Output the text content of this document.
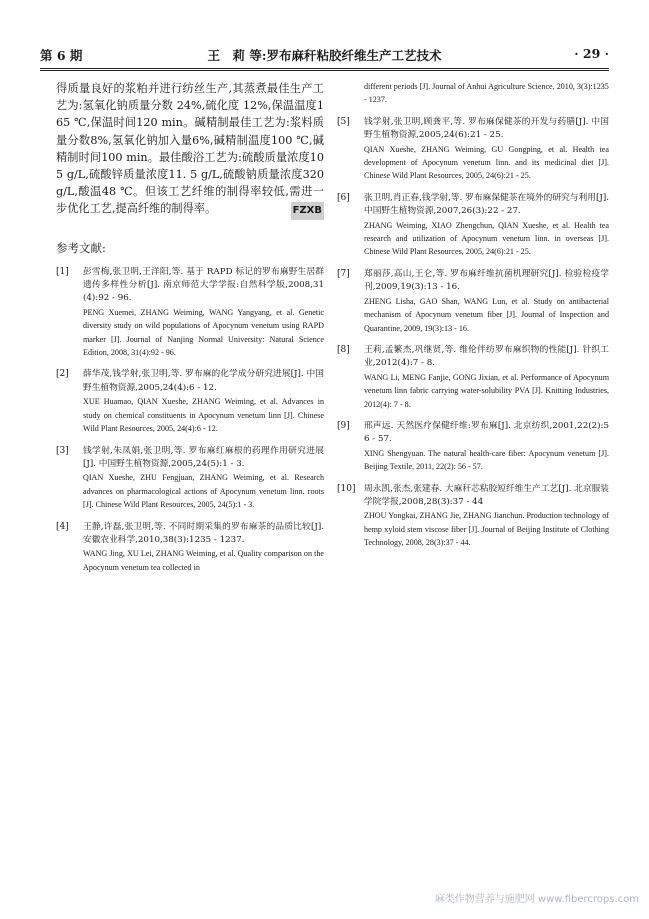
第 6 期	王　莉 等:罗布麻秆粘胶纤维生产工艺技术	· 29 ·
得质量良好的浆粕并进行纺丝生产,其蒸煮最佳生产工艺为:氢氧化钠质量分数 24%,硫化度 12%,保温温度165 ℃,保温时间120 min。碱精制最佳工艺为:浆料质量分数8%,氢氧化钠加入量6%,碱精制温度100 ℃,碱精制时间100 min。最佳酸浴工艺为:硫酸质量浓度105 g/L,硫酸锌质量浓度11. 5 g/L,硫酸钠质量浓度320 g/L,酸温48 ℃。但该工艺纤维的制得率较低,需进一步优化工艺,提高纤维的制得率。	FZXB
参考文献:
[1]	彭雪梅,张卫明,王洋阳,等. 基于 RAPD 标记的罗布麻野生居群遗传多样性分析[J]. 南京师范大学学报:自然科学版,2008,31(4):92 - 96.
PENG Xuemei, ZHANG Weiming, WANG Yangyang, et al. Genetic diversity study on wild populations of Apocynum venetum using RAPD marker [J]. Journal of Nanjing Normal University: Natural Science Edition, 2008, 31(4):92 - 96.
[2]	薛华茂,钱学射,张卫明,等. 罗布麻的化学成分研究进展[J]. 中国野生植物资源,2005,24(4):6 - 12.
XUE Huamao, QIAN Xueshe, ZHANG Weiming, et al. Advances in study on chemical constituents in Apocynum venetum linn [J]. Chinese Wild Plant Resources, 2005, 24(4):6 - 12.
[3]	钱学射,朱凤娟,张卫明,等. 罗布麻红麻根的药理作用研究进展[J]. 中国野生植物资源,2005,24(5):1 - 3.
QIAN Xueshe, ZHU Fengjuan, ZHANG Weiming, et al. Research advances on pharmacological actions of Apocynum venetum linn. roots [J]. Chinese Wild Plant Resources, 2005, 24(5):1 - 3.
[4]	王静,许磊,张卫明,等. 不同时期采集的罗布麻茶的品质比较[J]. 安徽农业科学,2010,38(3):1235 - 1237.
WANG Jing, XU Lei, ZHANG Weiming, et al. Quality comparison on the Apocynum venetum tea collected in
different periods [J]. Journal of Anhui Agriculture Science, 2010, 3(3):1235 - 1237.
[5]	钱学射,张卫明,顾龚平,等. 罗布麻保健茶的开发与药膳[J]. 中国野生植物资源,2005,24(6):21 - 25.
QIAN Xueshe, ZHANG Weiming, GU Gongping, et al. Health tea development of Apocynum venetum linn. and its medicinal diet [J]. Chinese Wild Plant Resources, 2005, 24(6):21 - 25.
[6]	张卫明,肖正春,钱学射,等. 罗布麻保健茶在境外的研究与利用[J]. 中国野生植物资源,2007,26(3):22 - 27.
ZHANG Weiming, XIAO Zhengchun, QIAN Xueshe, et al. Health tea research and utilization of Apocynum venetum linn. in overseas [J]. Chinese Wild Plant Resources, 2005, 24(6):21 - 25.
[7]	郑丽莎,高山,王仑,等. 罗布麻纤维抗菌机理研究[J]. 检验检疫学刊,2009,19(3):13 - 16.
ZHENG Lisha, GAO Shan, WANG Lun, et al. Study on antibacterial mechanism of Apocynum venetum fiber [J]. Journal of Inspection and Quarantine, 2009, 19(3):13 - 16.
[8]	王莉,孟繁杰,巩继贤,等. 维伦伴纺罗布麻织物的性能[J]. 针织工业,2012(4):7 - 8.
WANG Li, MENG Fanjie, GONG Jixian, et al. Performance of Apocynum venetum linn fabric carrying water-solubility PVA [J]. Knitting Industries, 2012(4): 7 - 8.
[9]	邢声远. 天然医疗保健纤维:罗布麻[J]. 北京纺织,2001,22(2):56 - 57.
XING Shengyuan. The natural health-care fiber: Apocynum venetum [J]. Beijing Textile, 2011, 22(2): 56 - 57.
[10] 周永凯,张杰,张建春. 大麻秆芯粘胶短纤维生产工艺[J]. 北京服装学院学报,2008,28(3):37 - 44
ZHOU Yongkai, ZHANG Jie, ZHANG Jianchun. Production technology of hemp xyloid stem viscose fiber [J]. Journal of Beijing Institute of Clothing Technology, 2008, 28(3):37 - 44.
麻类作物营养与施肥网 www.fibercrops.com
